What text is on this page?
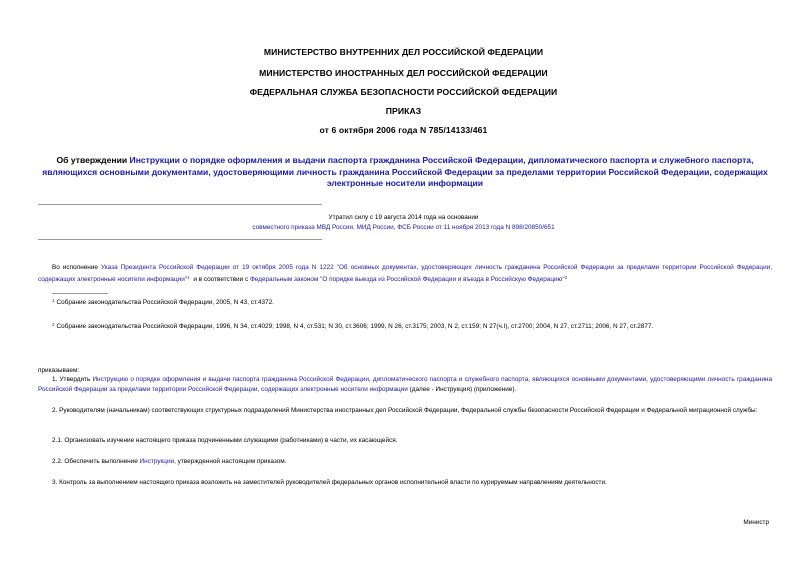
МИНИСТЕРСТВО ВНУТРЕННИХ ДЕЛ РОССИЙСКОЙ ФЕДЕРАЦИИ
МИНИСТЕРСТВО ИНОСТРАННЫХ ДЕЛ РОССИЙСКОЙ ФЕДЕРАЦИИ
ФЕДЕРАЛЬНАЯ СЛУЖБА БЕЗОПАСНОСТИ РОССИЙСКОЙ ФЕДЕРАЦИИ
ПРИКАЗ
от 6 октября 2006 года N 785/14133/461
Об утверждении Инструкции о порядке оформления и выдачи паспорта гражданина Российской Федерации, дипломатического паспорта и служебного паспорта, являющихся основными документами, удостоверяющими личность гражданина Российской Федерации за пределами территории Российской Федерации, содержащих электронные носители информации
Утратил силу с 19 августа 2014 года на основании
совместного приказа МВД России, МИД России, ФСБ России от 11 ноября 2013 года N 898/20850/651
Во исполнение Указа Президента Российской Федерации от 19 октября 2005 года N 1222 "Об основных документах, удостоверяющих личность гражданина Российской Федерации за пределами территории Российской Федерации, содержащих электронные носители информации"$^1$ и в соответствии с Федеральным законом "О порядке выезда из Российской Федерации и въезда в Российскую Федерацию"$^2$
$^1$ Собрание законодательства Российской Федерации, 2005, N 43, ст.4372.
$^2$ Собрание законодательства Российской Федерации, 1996, N 34, ст.4029; 1998, N 4, ст.531; N 30, ст.3606; 1999, N 26, ст.3175; 2003, N 2, ст.159; N 27(ч.I), ст.2700; 2004, N 27, ст.2711; 2006, N 27, ст.2877.
приказываем:
1. Утвердить Инструкцию о порядке оформления и выдачи паспорта гражданина Российской Федерации, дипломатического паспорта и служебного паспорта, являющихся основными документами, удостоверяющими личность гражданина Российской Федерации за пределами территории Российской Федерации, содержащих электронные носители информации (далее - Инструкция) (приложение).
2. Руководителям (начальникам) соответствующих структурных подразделений Министерства иностранных дел Российской Федерации, Федеральной службы безопасности Российской Федерации и Федеральной миграционной службы:
2.1. Организовать изучение настоящего приказа подчиненными служащими (работниками) в части, их касающейся.
2.2. Обеспечить выполнение Инструкции, утвержденной настоящим приказом.
3. Контроль за выполнением настоящего приказа возложить на заместителей руководителей федеральных органов исполнительной власти по курируемым направлениям деятельности.
Министр
